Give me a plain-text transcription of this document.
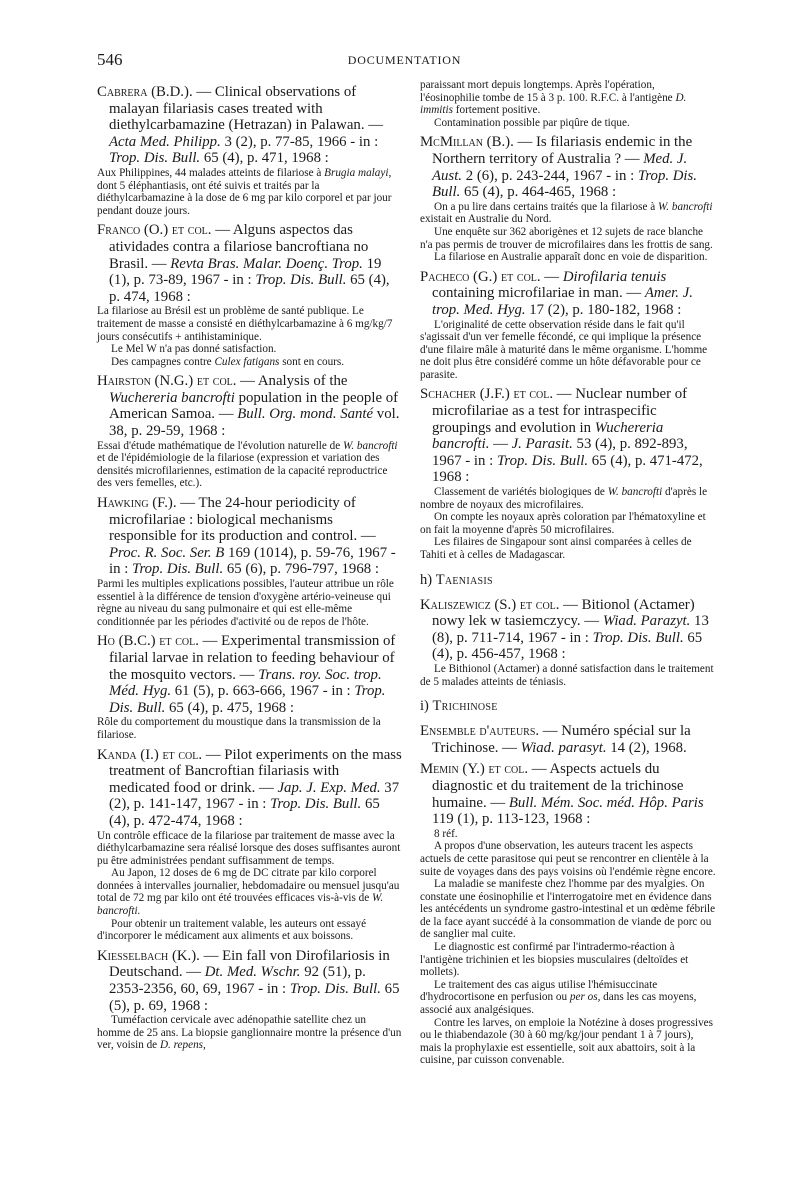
546	DOCUMENTATION

Cabrera (B.D.). — Clinical observations of malayan filariasis cases treated with diethylcarbamazine (Hetrazan) in Palawan. — Acta Med. Philipp. 3 (2), p. 77-85, 1966 - in : Trop. Dis. Bull. 65 (4), p. 471, 1968 :

Aux Philippines, 44 malades atteints de filariose à Brugia malayi, dont 5 éléphantiasis, ont été suivis et traités par la diéthylcarbamazine à la dose de 6 mg par kilo corporel et par jour pendant douze jours.

Franco (O.) et col. — Alguns aspectos das atividades contra a filariose bancroftiana no Brasil. — Revta Bras. Malar. Doenç. Trop. 19 (1), p. 73-89, 1967 - in : Trop. Dis. Bull. 65 (4), p. 474, 1968 :

La filariose au Brésil est un problème de santé publique. Le traitement de masse a consisté en diéthylcarbamazine à 6 mg/kg/7 jours consécutifs + antihistaminique.

Le Mel W n'a pas donné satisfaction.

Des campagnes contre Culex fatigans sont en cours.

Hairston (N.G.) et col. — Analysis of the Wuchereria bancrofti population in the people of American Samoa. — Bull. Org. mond. Santé vol. 38, p. 29-59, 1968 :

Essai d'étude mathématique de l'évolution naturelle de W. bancrofti et de l'épidémiologie de la filariose (expression et variation des densités microfilariennes, estimation de la capacité reproductrice des vers femelles, etc.).

Hawking (F.). — The 24-hour periodicity of microfilariae : biological mechanisms responsible for its production and control. — Proc. R. Soc. Ser. B 169 (1014), p. 59-76, 1967 - in : Trop. Dis. Bull. 65 (6), p. 796-797, 1968 :

Parmi les multiples explications possibles, l'auteur attribue un rôle essentiel à la différence de tension d'oxygène artério-veineuse qui règne au niveau du sang pulmonaire et qui est elle-même conditionnée par les périodes d'activité ou de repos de l'hôte.

Ho (B.C.) et col. — Experimental transmission of filarial larvae in relation to feeding behaviour of the mosquito vectors. — Trans. roy. Soc. trop. Méd. Hyg. 61 (5), p. 663-666, 1967 - in : Trop. Dis. Bull. 65 (4), p. 475, 1968 :

Rôle du comportement du moustique dans la transmission de la filariose.

Kanda (I.) et col. — Pilot experiments on the mass treatment of Bancroftian filariasis with medicated food or drink. — Jap. J. Exp. Med. 37 (2), p. 141-147, 1967 - in : Trop. Dis. Bull. 65 (4), p. 472-474, 1968 :

Un contrôle efficace de la filariose par traitement de masse avec la diéthylcarbamazine sera réalisé lorsque des doses suffisantes auront pu être administrées pendant suffisamment de temps.

Au Japon, 12 doses de 6 mg de DC citrate par kilo corporel données à intervalles journalier, hebdomadaire ou mensuel jusqu'au total de 72 mg par kilo ont été trouvées efficaces vis-à-vis de W. bancrofti.

Pour obtenir un traitement valable, les auteurs ont essayé d'incorporer le médicament aux aliments et aux boissons.

Kiesselbach (K.). — Ein fall von Dirofilariosis in Deutschand. — Dt. Med. Wschr. 92 (51), p. 2353-2356, 60, 69, 1967 - in : Trop. Dis. Bull. 65 (5), p. 69, 1968 :

Tuméfaction cervicale avec adénopathie satellite chez un homme de 25 ans. La biopsie ganglionnaire montre la présence d'un ver, voisin de D. repens,

paraissant mort depuis longtemps. Après l'opération, l'éosinophilie tombe de 15 à 3 p. 100. R.F.C. à l'antigène D. immitis fortement positive.

Contamination possible par piqûre de tique.

McMillan (B.). — Is filariasis endemic in the Northern territory of Australia ? — Med. J. Aust. 2 (6), p. 243-244, 1967 - in : Trop. Dis. Bull. 65 (4), p. 464-465, 1968 :

On a pu lire dans certains traités que la filariose à W. bancrofti existait en Australie du Nord.

Une enquête sur 362 aborigènes et 12 sujets de race blanche n'a pas permis de trouver de microfilaires dans les frottis de sang.

La filariose en Australie apparaît donc en voie de disparition.

Pacheco (G.) et col. — Dirofilaria tenuis containing microfilariae in man. — Amer. J. trop. Med. Hyg. 17 (2), p. 180-182, 1968 :

L'originalité de cette observation réside dans le fait qu'il s'agissait d'un ver femelle fécondé, ce qui implique la présence d'une filaire mâle à maturité dans le même organisme. L'homme ne doit plus être considéré comme un hôte défavorable pour ce parasite.

Schacher (J.F.) et col. — Nuclear number of microfilariae as a test for intraspecific groupings and evolution in Wuchereria bancrofti. — J. Parasit. 53 (4), p. 892-893, 1967 - in : Trop. Dis. Bull. 65 (4), p. 471-472, 1968 :

Classement de variétés biologiques de W. bancrofti d'après le nombre de noyaux des microfilaires.

On compte les noyaux après coloration par l'hématoxyline et on fait la moyenne d'après 50 microfilaires.

Les filaires de Singapour sont ainsi comparées à celles de Tahiti et à celles de Madagascar.

h) Taeniasis

Kaliszewicz (S.) et col. — Bitionol (Actamer) nowy lek w tasiemczycy. — Wiad. Parazyt. 13 (8), p. 711-714, 1967 - in : Trop. Dis. Bull. 65 (4), p. 456-457, 1968 :

Le Bithionol (Actamer) a donné satisfaction dans le traitement de 5 malades atteints de téniasis.

i) Trichinose

Ensemble d'auteurs. — Numéro spécial sur la Trichinose. — Wiad. parasyt. 14 (2), 1968.

Memin (Y.) et col. — Aspects actuels du diagnostic et du traitement de la trichinose humaine. — Bull. Mém. Soc. méd. Hôp. Paris 119 (1), p. 113-123, 1968 :

8 réf.

A propos d'une observation, les auteurs tracent les aspects actuels de cette parasitose qui peut se rencontrer en clientèle à la suite de voyages dans des pays voisins où l'endémie règne encore.

La maladie se manifeste chez l'homme par des myalgies. On constate une éosinophilie et l'interrogatoire met en évidence dans les antécédents un syndrome gastro-intestinal et un œdème fébrile de la face ayant succédé à la consommation de viande de porc ou de sanglier mal cuite.

Le diagnostic est confirmé par l'intradermo-réaction à l'antigène trichinien et les biopsies musculaires (deltoïdes et mollets).

Le traitement des cas aigus utilise l'hémisuccinate d'hydrocortisone en perfusion ou per os, dans les cas moyens, associé aux analgésiques.

Contre les larves, on emploie la Notézine à doses progressives ou le thiabendazole (30 à 60 mg/kg/jour pendant 1 à 7 jours), mais la prophylaxie est essentielle, soit aux abattoirs, soit à la cuisine, par cuisson convenable.
